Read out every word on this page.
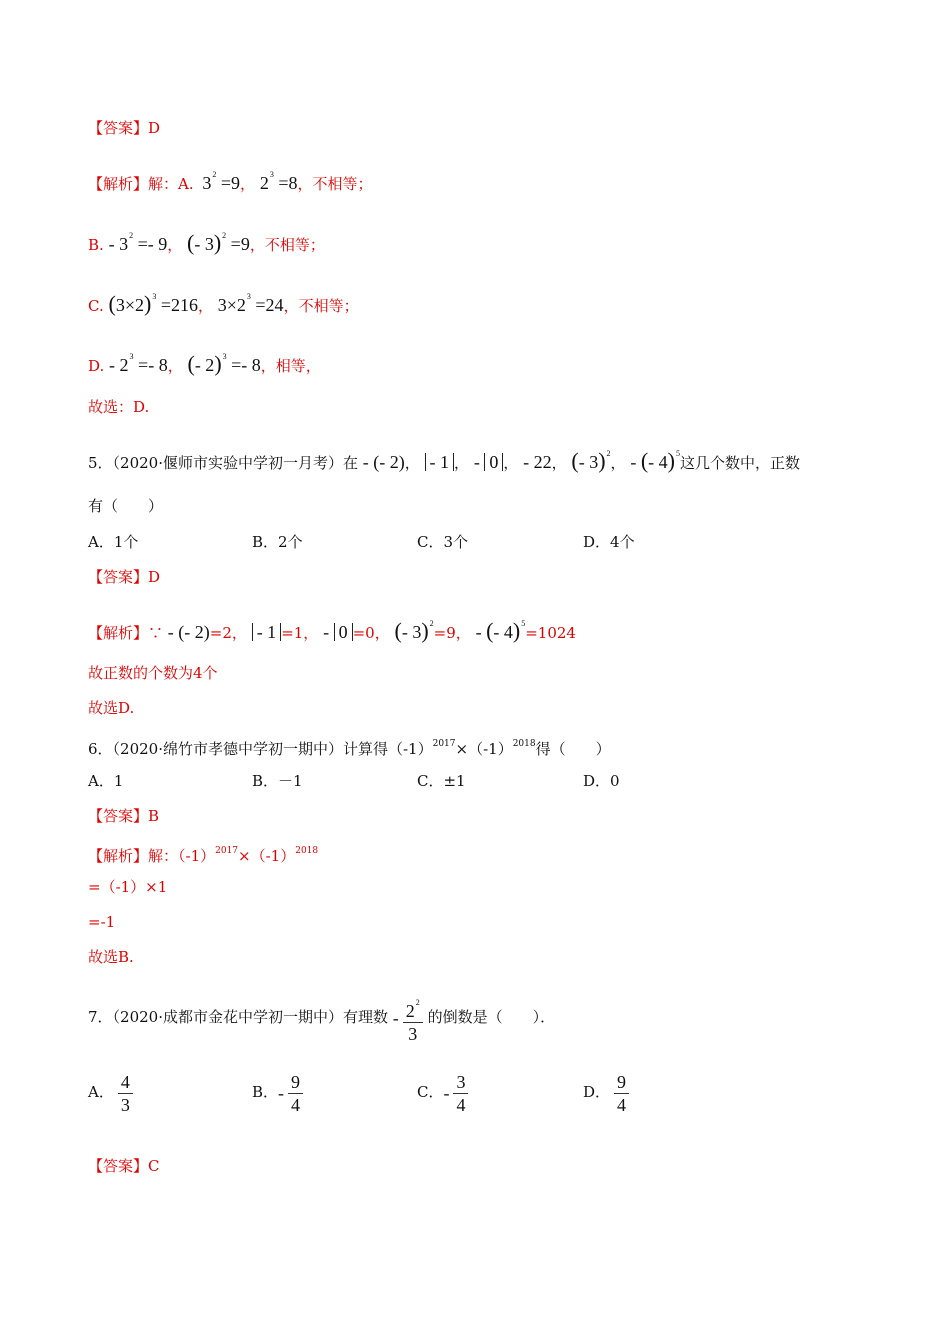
【答案】D
【解析】解：A. $3^2 =9$， $2^3 =8$，不相等；
B. - $3^2 =- 9$， (- 3)$^2$ =9，不相等；
C. $(3\times 2)^3 =216$， $3\times 2^3 =24$，不相等；
D. - $2^3 =- 8$， (- 2)$^3$ =- 8，相等，
故选：D.
5．（2020·偃师市实验中学初一月考）在 - (- 2)， - 1 ， - 0 ， - 22， (- 3)$^2$， - (- 4)$^5$这几个数中，正数
有（　　）
A．1个	B．2个	C．3个	D．4个
【答案】D
【解析】∵ - (- 2)=2， - 1 =1， - 0 =0， (- 3)$^2$=9， - (- 4)$^5$=1024
故正数的个数为4个
故选D.
6．（2020·绵竹市孝德中学初一期中）计算得$(-1)^{2017}\times(-1)^{2018}$得（　　）
A．1	B．－1	C．±1	D．0
【答案】B
【解析】解：$(-1)^{2017}\times(-1)^{2018}$
=（-1）×1
=-1
故选B.
7．（2020·成都市金花中学初一期中）有理数 - $\frac{2^2}{3}$ 的倒数是（　　）．
A． $\frac{4}{3}$	B．- $\frac{9}{4}$	C．- $\frac{3}{4}$	D． $\frac{9}{4}$
【答案】C
